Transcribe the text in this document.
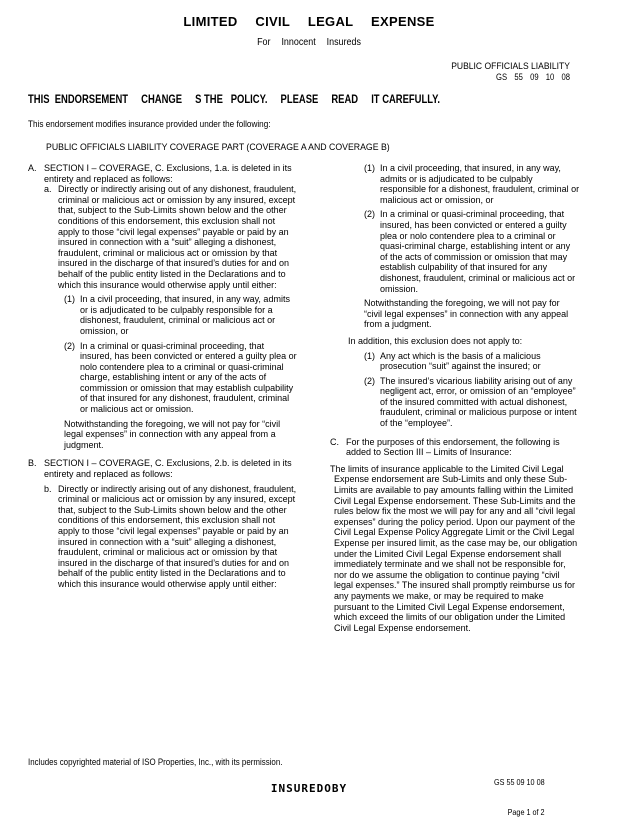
LIMITED CIVIL LEGAL EXPENSE
For Innocent Insureds
PUBLIC OFFICIALS LIABILITY
GS 55 09 10 08
THIS  ENDORSEMENT     CHANGE     S THE   POLICY.     PLEASE     READ     IT CAREFULLY.
This endorsement modifies insurance provided under the following:
PUBLIC OFFICIALS LIABILITY COVERAGE PART (COVERAGE A AND COVERAGE B)
A. SECTION I – COVERAGE, C. Exclusions, 1.a. is deleted in its entirety and replaced as follows:
a. Directly or indirectly arising out of any dishonest, fraudulent, criminal or malicious act or omission by any insured, except that, subject to the Sub-Limits shown below and the other conditions of this endorsement, this exclusion shall not apply to those “civil legal expenses” payable or paid by an insured in connection with a “suit” alleging a dishonest, fraudulent, criminal or malicious act or omission by that insured in the discharge of that insured’s duties for and on behalf of the public entity listed in the Declarations and to which this insurance would otherwise apply until either:
(1) In a civil proceeding, that insured, in any way, admits or is adjudicated to be culpably responsible for a dishonest, fraudulent, criminal or malicious act or omission, or
(2) In a criminal or quasi-criminal proceeding, that insured, has been convicted or entered a guilty plea or nolo contendere plea to a criminal or quasi-criminal charge, establishing intent or any of the acts of commission or omission that may establish culpability of that insured for any dishonest, fraudulent, criminal or malicious act or omission.

Notwithstanding the foregoing, we will not pay for “civil legal expenses” in connection with any appeal from a judgment.

B. SECTION I – COVERAGE, C. Exclusions, 2.b. is deleted in its entirety and replaced as follows:
b. Directly or indirectly arising out of any dishonest, fraudulent, criminal or malicious act or omission by any insured, except that, subject to the Sub-Limits shown below and the other conditions of this endorsement, this exclusion shall not apply to those “civil legal expenses” payable or paid by an insured in connection with a “suit” alleging a dishonest, fraudulent, criminal or malicious act or omission by that insured in the discharge of that insured’s duties for and on behalf of the public entity listed in the Declarations and to which this insurance would otherwise apply until either:
(1) In a civil proceeding, that insured, in any way, admits or is adjudicated to be culpably responsible for a dishonest, fraudulent, criminal or malicious act or omission, or
(2) In a criminal or quasi-criminal proceeding, that insured, has been convicted or entered a guilty plea or nolo contendere plea to a criminal or quasi-criminal charge, establishing intent or any of the acts of commission or omission that may establish culpability of that insured for any dishonest, fraudulent, criminal or malicious act or omission.

Notwithstanding the foregoing, we will not pay for “civil legal expenses” in connection with any appeal from a judgment.

In addition, this exclusion does not apply to:

(1) Any act which is the basis of a malicious prosecution “suit” against the insured; or
(2) The insured’s vicarious liability arising out of any negligent act, error, or omission of an “employee” of the insured committed with actual dishonest, fraudulent, criminal or malicious purpose or intent of the “employee”.
C. For the purposes of this endorsement, the following is added to Section III – Limits of Insurance:

The limits of insurance applicable to the Limited Civil Legal Expense endorsement are Sub-Limits and only these Sub-Limits are available to pay amounts falling within the Limited Civil Legal Expense endorsement. These Sub-Limits and the rules below fix the most we will pay for any and all “civil legal expenses” during the policy period. Upon our payment of the Civil Legal Expense Policy Aggregate Limit or the Civil Legal Expense per insured limit, as the case may be, our obligation under the Limited Civil Legal Expense endorsement shall immediately terminate and we shall not be responsible for, nor do we assume the obligation to continue paying “civil legal expenses.” The insured shall promptly reimburse us for any payments we make, or may be required to make pursuant to the Limited Civil Legal Expense endorsement, which exceed the limits of our obligation under the Limited Civil Legal Expense endorsement.

Includes copyrighted material of ISO Properties, Inc., with its permission.

GS 55 09 10 08

Page 1 of 2

INSUREDOBY
